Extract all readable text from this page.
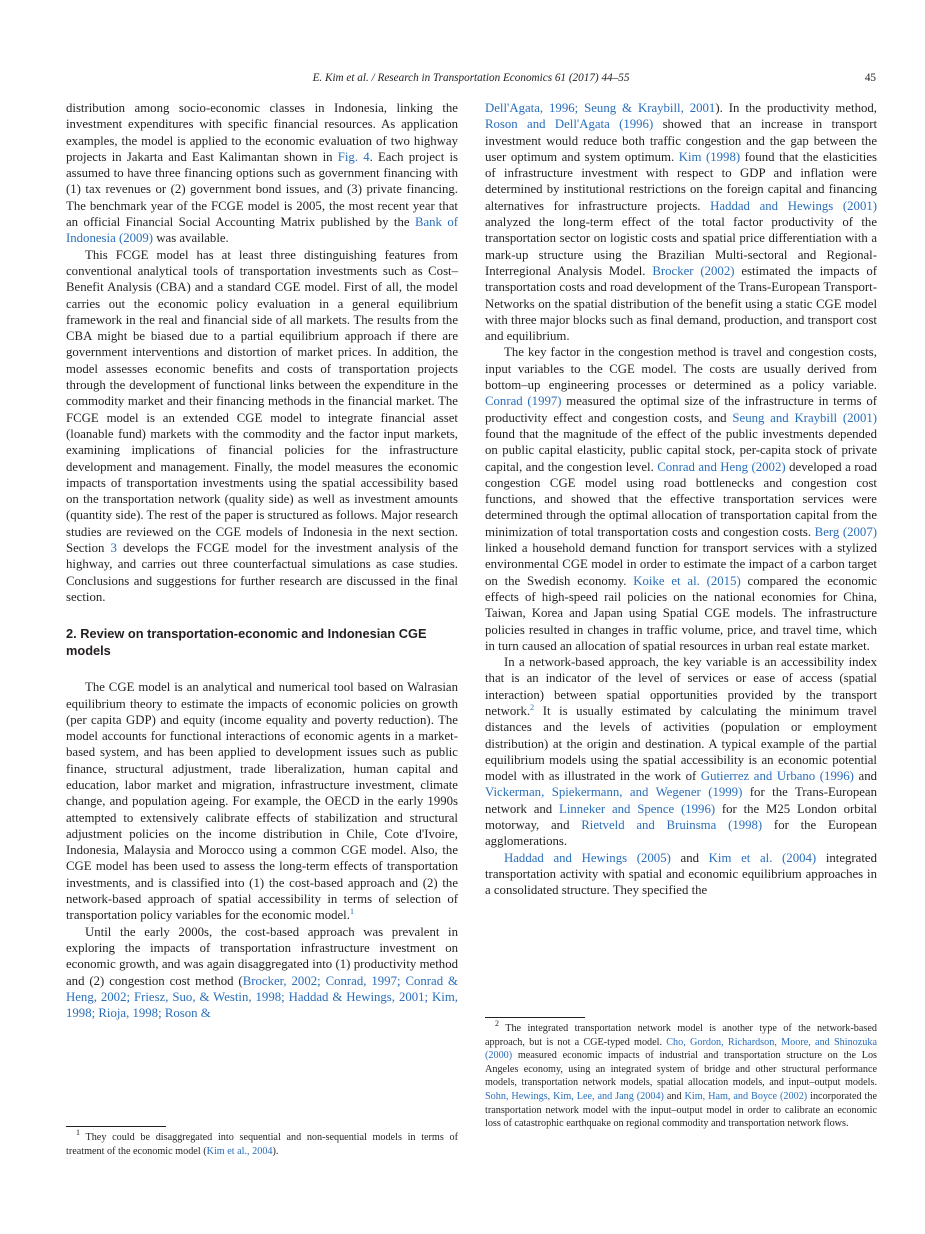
E. Kim et al. / Research in Transportation Economics 61 (2017) 44–55	45

distribution among socio-economic classes in Indonesia, linking the investment expenditures with specific financial resources. As application examples, the model is applied to the economic evaluation of two highway projects in Jakarta and East Kalimantan shown in Fig. 4. Each project is assumed to have three financing options such as government financing with (1) tax revenues or (2) government bond issues, and (3) private financing. The benchmark year of the FCGE model is 2005, the most recent year that an official Financial Social Accounting Matrix published by the Bank of Indonesia (2009) was available.

This FCGE model has at least three distinguishing features from conventional analytical tools of transportation investments such as Cost–Benefit Analysis (CBA) and a standard CGE model. First of all, the model carries out the economic policy evaluation in a general equilibrium framework in the real and financial side of all markets. The results from the CBA might be biased due to a partial equilibrium approach if there are government interventions and distortion of market prices. In addition, the model assesses economic benefits and costs of transportation projects through the development of functional links between the expenditure in the commodity market and their financing methods in the financial market. The FCGE model is an extended CGE model to integrate financial asset (loanable fund) markets with the commodity and the factor input markets, examining implications of financial policies for the infrastructure development and management. Finally, the model measures the economic impacts of transportation investments using the spatial accessibility based on the transportation network (quality side) as well as investment amounts (quantity side). The rest of the paper is structured as follows. Major research studies are reviewed on the CGE models of Indonesia in the next section. Section 3 develops the FCGE model for the investment analysis of the highway, and carries out three counterfactual simulations as case studies. Conclusions and suggestions for further research are discussed in the final section.

2. Review on transportation-economic and Indonesian CGE models

The CGE model is an analytical and numerical tool based on Walrasian equilibrium theory to estimate the impacts of economic policies on growth (per capita GDP) and equity (income equality and poverty reduction). The model accounts for functional interactions of economic agents in a market-based system, and has been applied to development issues such as public finance, structural adjustment, trade liberalization, human capital and education, labor market and migration, infrastructure investment, climate change, and population ageing. For example, the OECD in the early 1990s attempted to extensively calibrate effects of stabilization and structural adjustment policies on the income distribution in Chile, Cote d'Ivoire, Indonesia, Malaysia and Morocco using a common CGE model. Also, the CGE model has been used to assess the long-term effects of transportation investments, and is classified into (1) the cost-based approach and (2) the network-based approach of spatial accessibility in terms of selection of transportation policy variables for the economic model.$^1$

Until the early 2000s, the cost-based approach was prevalent in exploring the impacts of transportation infrastructure investment on economic growth, and was again disaggregated into (1) productivity method and (2) congestion cost method (Brocker, 2002; Conrad, 1997; Conrad & Heng, 2002; Friesz, Suo, & Westin, 1998; Haddad & Hewings, 2001; Kim, 1998; Rioja, 1998; Roson &

$^1$ They could be disaggregated into sequential and non-sequential models in terms of treatment of the economic model (Kim et al., 2004).

Dell'Agata, 1996; Seung & Kraybill, 2001). In the productivity method, Roson and Dell'Agata (1996) showed that an increase in transport investment would reduce both traffic congestion and the gap between the user optimum and system optimum. Kim (1998) found that the elasticities of infrastructure investment with respect to GDP and inflation were determined by institutional restrictions on the foreign capital and financing alternatives for infrastructure projects. Haddad and Hewings (2001) analyzed the long-term effect of the total factor productivity of the transportation sector on logistic costs and spatial price differentiation with a mark-up structure using the Brazilian Multi-sectoral and Regional-Interregional Analysis Model. Brocker (2002) estimated the impacts of transportation costs and road development of the Trans-European Transport-Networks on the spatial distribution of the benefit using a static CGE model with three major blocks such as final demand, production, and transport cost and equilibrium.

The key factor in the congestion method is travel and congestion costs, input variables to the CGE model. The costs are usually derived from bottom–up engineering processes or determined as a policy variable. Conrad (1997) measured the optimal size of the infrastructure in terms of productivity effect and congestion costs, and Seung and Kraybill (2001) found that the magnitude of the effect of the public investments depended on public capital elasticity, public capital stock, per-capita stock of private capital, and the congestion level. Conrad and Heng (2002) developed a road congestion CGE model using road bottlenecks and congestion cost functions, and showed that the effective transportation services were determined through the optimal allocation of transportation capital from the minimization of total transportation costs and congestion costs. Berg (2007) linked a household demand function for transport services with a stylized environmental CGE model in order to estimate the impact of a carbon target on the Swedish economy. Koike et al. (2015) compared the economic effects of high-speed rail policies on the national economies for China, Taiwan, Korea and Japan using Spatial CGE models. The infrastructure policies resulted in changes in traffic volume, price, and travel time, which in turn caused an allocation of spatial resources in urban real estate market.

In a network-based approach, the key variable is an accessibility index that is an indicator of the level of services or ease of access (spatial interaction) between spatial opportunities provided by the transport network.$^2$ It is usually estimated by calculating the minimum travel distances and the levels of activities (population or employment distribution) at the origin and destination. A typical example of the partial equilibrium models using the spatial accessibility is an economic potential model with as illustrated in the work of Gutierrez and Urbano (1996) and Vickerman, Spiekermann, and Wegener (1999) for the Trans-European network and Linneker and Spence (1996) for the M25 London orbital motorway, and Rietveld and Bruinsma (1998) for the European agglomerations.

Haddad and Hewings (2005) and Kim et al. (2004) integrated transportation activity with spatial and economic equilibrium approaches in a consolidated structure. They specified the

$^2$ The integrated transportation network model is another type of the network-based approach, but is not a CGE-typed model. Cho, Gordon, Richardson, Moore, and Shinozuka (2000) measured economic impacts of industrial and transportation structure on the Los Angeles economy, using an integrated system of bridge and other structural performance models, transportation network models, spatial allocation models, and input–output models. Sohn, Hewings, Kim, Lee, and Jang (2004) and Kim, Ham, and Boyce (2002) incorporated the transportation network model with the input–output model in order to calibrate an economic loss of catastrophic earthquake on regional commodity and transportation network flows.
